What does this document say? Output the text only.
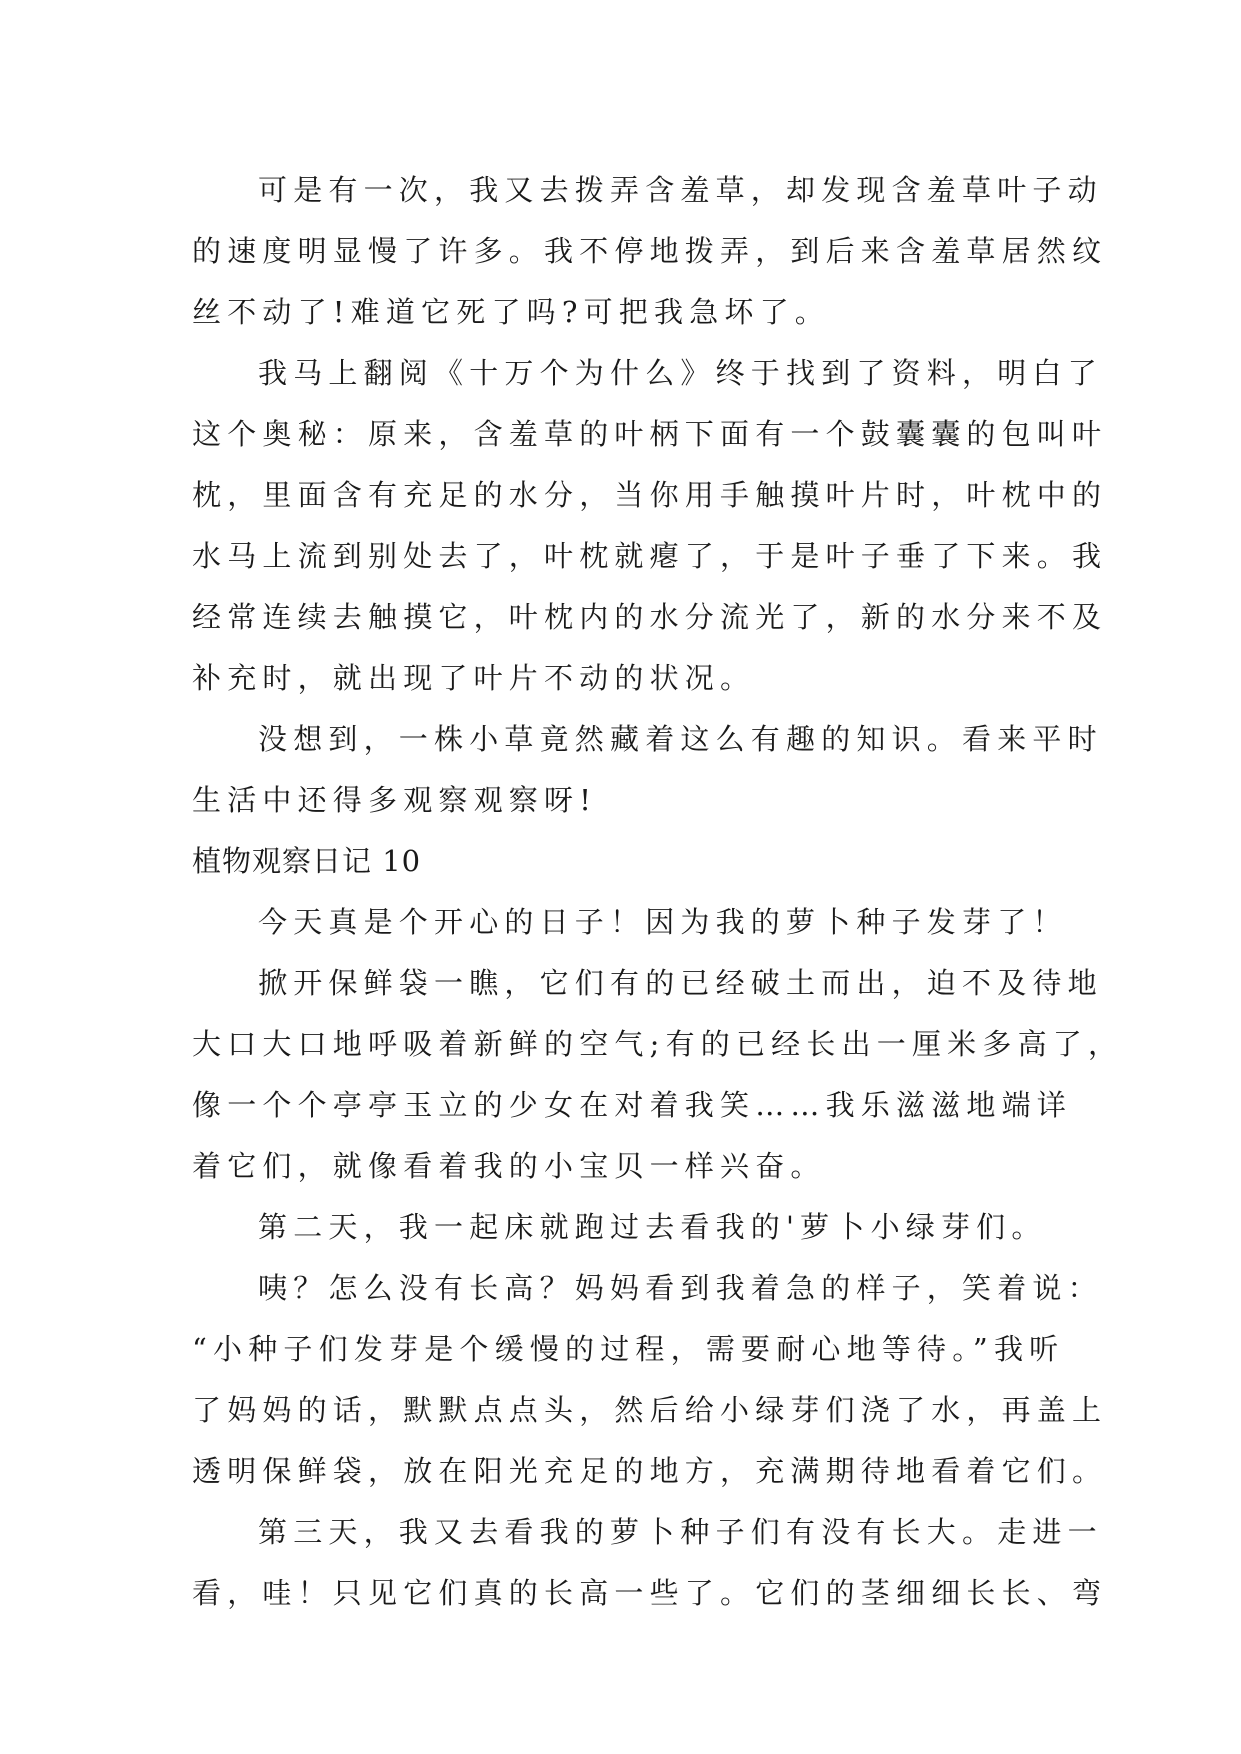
可是有一次，我又去拨弄含羞草，却发现含羞草叶子动
的速度明显慢了许多。我不停地拨弄，到后来含羞草居然纹
丝不动了!难道它死了吗?可把我急坏了。

我马上翻阅《十万个为什么》终于找到了资料，明白了
这个奥秘：原来，含羞草的叶柄下面有一个鼓囊囊的包叫叶
枕，里面含有充足的水分，当你用手触摸叶片时，叶枕中的
水马上流到别处去了，叶枕就瘪了，于是叶子垂了下来。我
经常连续去触摸它，叶枕内的水分流光了，新的水分来不及
补充时，就出现了叶片不动的状况。

没想到，一株小草竟然藏着这么有趣的知识。看来平时
生活中还得多观察观察呀!

植物观察日记 10

今天真是个开心的日子！因为我的萝卜种子发芽了！

掀开保鲜袋一瞧，它们有的已经破土而出，迫不及待地
大口大口地呼吸着新鲜的空气;有的已经长出一厘米多高了，
像一个个亭亭玉立的少女在对着我笑……我乐滋滋地端详
着它们，就像看着我的小宝贝一样兴奋。

第二天，我一起床就跑过去看我的'萝卜小绿芽们。

咦？怎么没有长高？妈妈看到我着急的样子，笑着说：
“小种子们发芽是个缓慢的过程，需要耐心地等待。”我听
了妈妈的话，默默点点头，然后给小绿芽们浇了水，再盖上
透明保鲜袋，放在阳光充足的地方，充满期待地看着它们。

第三天，我又去看我的萝卜种子们有没有长大。走进一
看，哇！只见它们真的长高一些了。它们的茎细细长长、弯
